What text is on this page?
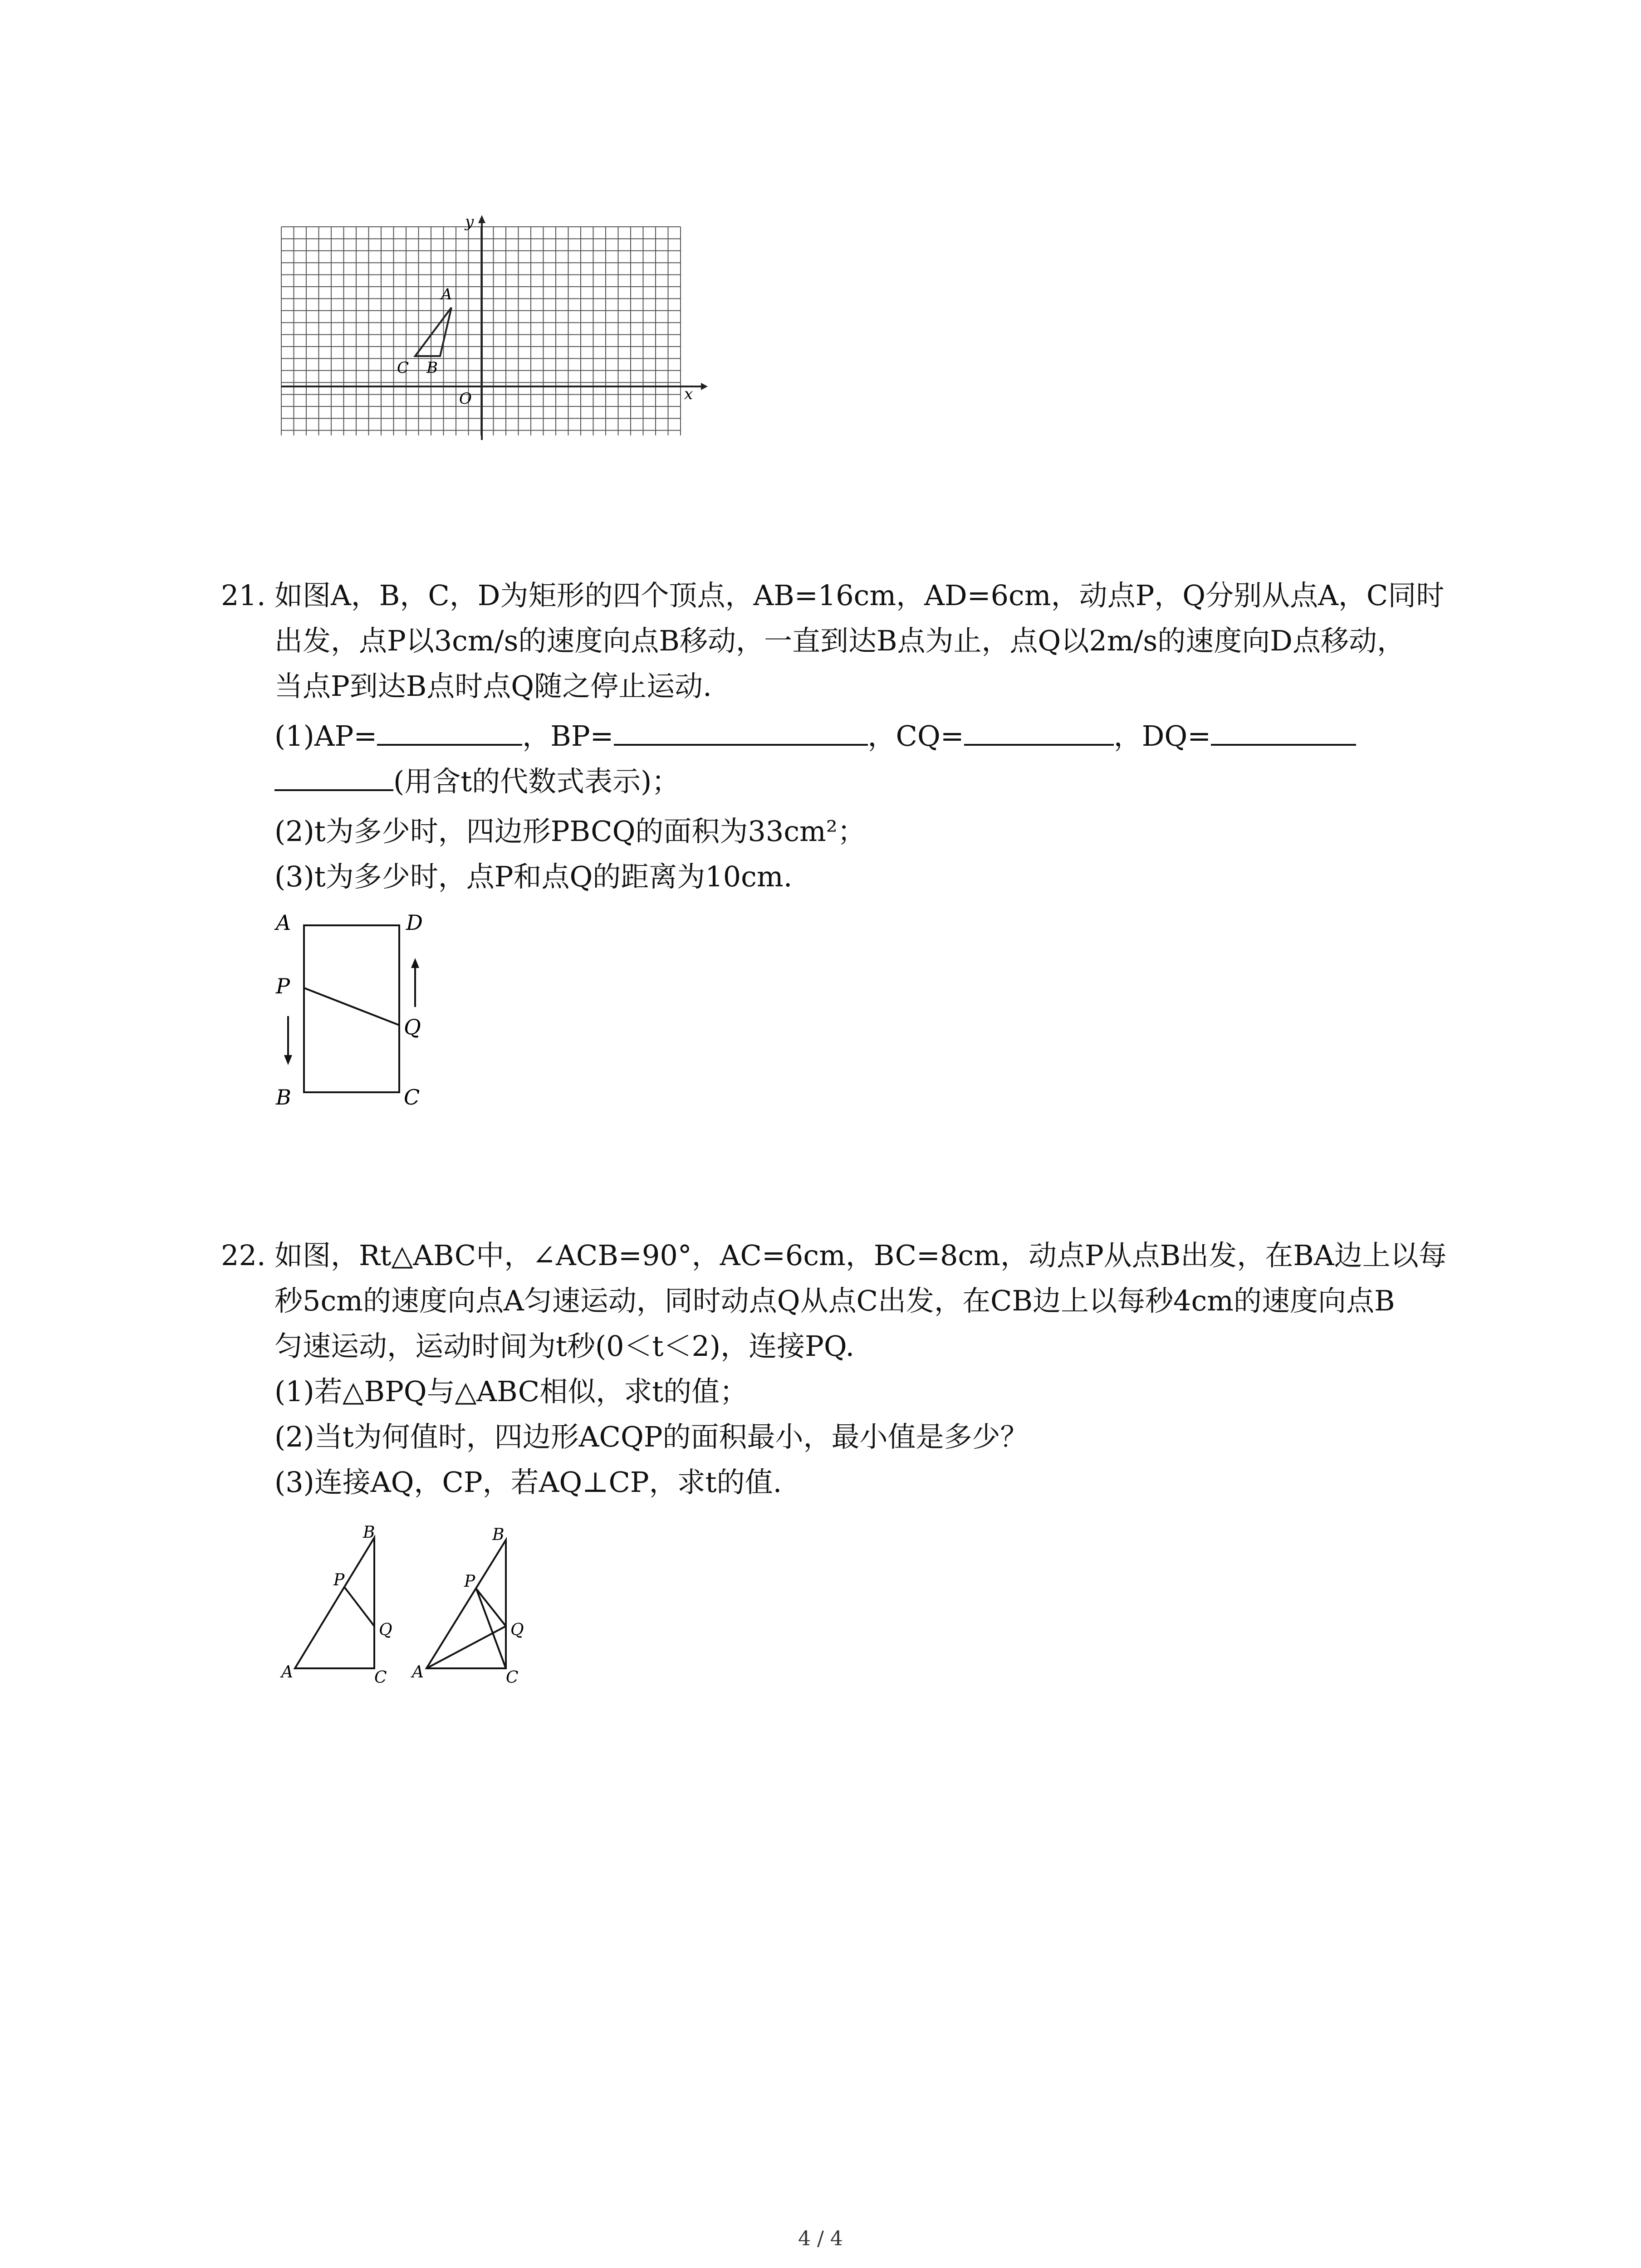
y
x
A
B
C
O
21. 如图A，B，C，D为矩形的四个顶点，AB=16cm，AD=6cm，动点P，Q分别从点A，C同时
出发，点P以3cm/s的速度向点B移动，一直到达B点为止，点Q以2m/s的速度向D点移动，
当点P到达B点时点Q随之停止运动.
(1)AP=	，BP=	，CQ=	，DQ=
(用含t的代数式表示)；
(2)t为多少时，四边形PBCQ的面积为33cm²；
(3)t为多少时，点P和点Q的距离为10cm.
A	D
P
Q
B	C
22. 如图，Rt△ABC中，∠ACB=90°，AC=6cm，BC=8cm，动点P从点B出发，在BA边上以每
秒5cm的速度向点A匀速运动，同时动点Q从点C出发，在CB边上以每秒4cm的速度向点B
匀速运动，运动时间为t秒(0＜t＜2)，连接PQ.
(1)若△BPQ与△ABC相似，求t的值；
(2)当t为何值时，四边形ACQP的面积最小，最小值是多少？
(3)连接AQ，CP，若AQ⊥CP，求t的值.
B
P
Q
A	C
B
P
Q
A	C
4 / 4
